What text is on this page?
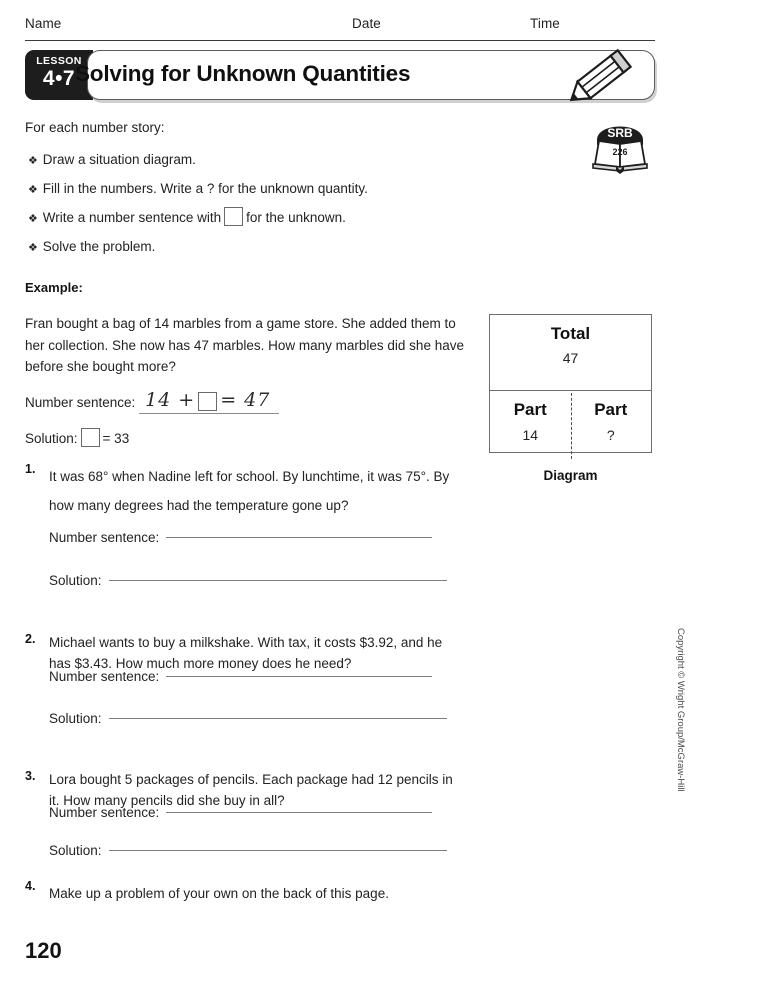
Name	Date	Time
LESSON
4•7 Solving for Unknown Quantities
For each number story:
❖ Draw a situation diagram.
❖ Fill in the numbers. Write a ? for the unknown quantity.
❖ Write a number sentence with for the unknown.
❖ Solve the problem.
SRB
226
Example:
Fran bought a bag of 14 marbles from a game store. She added them to her collection. She now has 47 marbles. How many marbles did she have before she bought more?
Number sentence: 14 + = 47
Solution: = 33
Total
47
Part
14
Part
?
Diagram
1.	It was 68° when Nadine left for school. By lunchtime, it was 75°. By how many degrees had the temperature gone up?
Number sentence:
Solution:
2.	Michael wants to buy a milkshake. With tax, it costs $3.92, and he has $3.43. How much more money does he need?
Number sentence:
Solution:
3.	Lora bought 5 packages of pencils. Each package had 12 pencils in it. How many pencils did she buy in all?
Number sentence:
Solution:
4.	Make up a problem of your own on the back of this page.
Copyright © Wright Group/McGraw-Hill
120
